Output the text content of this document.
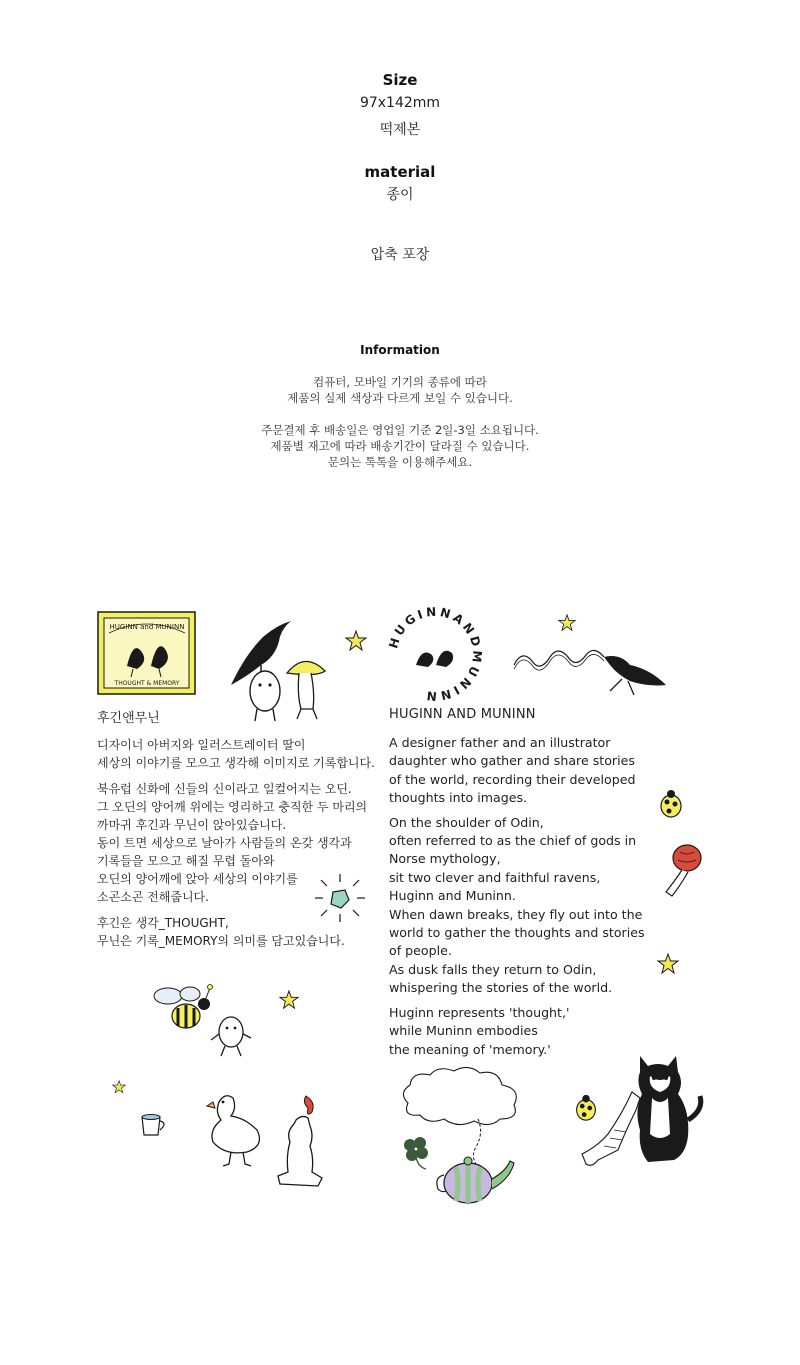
Size
97x142mm
떡제본
material
종이
압축 포장
Information
컴퓨터, 모바일 기기의 종류에 따라
제품의 실제 색상과 다르게 보일 수 있습니다.
주문결제 후 배송일은 영업일 기준 2일-3일 소요됩니다.
제품별 재고에 따라 배송기간이 달라질 수 있습니다.
문의는 톡톡을 이용해주세요.
HUGINN and MUNINN
THOUGHT & MEMORY
HUGINNANDMUNINN
후긴앤무닌

디자이너 아버지와 일러스트레이터 딸이

세상의 이야기를 모으고 생각해 이미지로 기록합니다.

북유럽 신화에 신들의 신이라고 일컬어지는 오딘.

그 오딘의 양어깨 위에는 영리하고 충직한 두 마리의

까마귀 후긴과 무닌이 앉아있습니다.

동이 트면 세상으로 날아가 사람들의 온갖 생각과

기록들을 모으고 해질 무렵 돌아와

오딘의 양어깨에 앉아 세상의 이야기를

소곤소곤 전해줍니다.

후긴은 생각_THOUGHT,

무닌은 기록_MEMORY의 의미를 담고있습니다.

HUGINN AND MUNINN

A designer father and an illustrator

daughter who gather and share stories

of the world, recording their developed

thoughts into images.

On the shoulder of Odin,

often referred to as the chief of gods in

Norse mythology,

sit two clever and faithful ravens,

Huginn and Muninn.

When dawn breaks, they fly out into the

world to gather the thoughts and stories

of people.

As dusk falls they return to Odin,

whispering the stories of the world.

Huginn represents 'thought,'

while Muninn embodies

the meaning of 'memory.'
